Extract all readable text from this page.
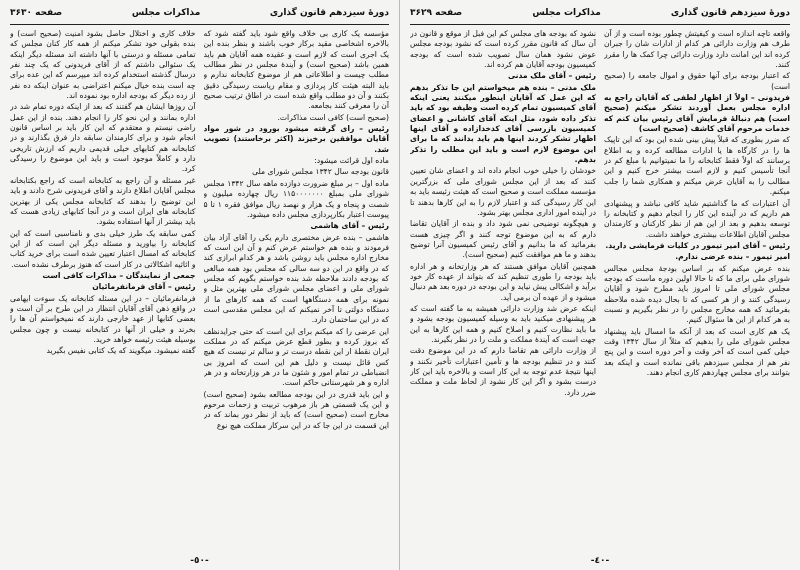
صفحه ۳۶۳۰	مذاکرات مجلس	دورهٔ سیزدهم قانون گذاری

مؤسسه یک کاری بی خلاف واقع شود باید گفته شود که بالاخره اشخاصی مقید برکار خوب باشند و بنظر بنده این یک اجری است که لازم است و عقیده همه آقایان هم باید همین باشد (صحیح است) و آیندهٔ مجلس در نظر مطالب مطلب چیست و اطلاعاتی هم از موضوع کتابخانه ندارم و باید البته هیئت کار پردازی و مقام ریاست رسیدگی دقیق بکنند و آن دو مطلب واقع شده است در اطاق ترتیب صحیح آن را معرفی کنند بجامعه.

(صحیح است) کافی است مذاکرات.

رئیس – رای گرفته میشود بورود در شور مواد آقایان موافقین برخیزند (اکثر برخاستند) تصویب شد.

ماده اول قرائت میشود:

قانون بودجه سال ۱۳۴۲ مجلس شورای ملی

ماده اول – بر مبلغ ضرورت دوازده ماهه سال ۱۳۴۲ مجلس شورای ملی بمبلغ ۱۱۵۰۰۰۰۰۰۰ ریال چهارده میلیون و شصت و پنجاه و یک هزار و نهصد ریال موافق فقره ۱ تا ۵ پیوست اعتبار بکارپردازی مجلس داده میشود.

رئیس – آقای هاشمی

هاشمی – بنده عرض مختصری دارم یکی را آقای آزاد بیان فرمودند و بنده هم خواستم عرض کنم و آن این است که مخارج اداره مجلس باید روشن باشد و هر کدام ابرازی کند که در واقع در این دو سه سالی که مجلس بود همه مبالغی که بودجه دادند ملاحظه شد بنده خواستم بگویم که مجلس شورای ملی و اعضای مجلس شورای ملی بهترین مثل و نمونه برای همه دستگاهها است که همه کارهای ما از دستگاه دولتی تا آخر نمیکنم که این مجلس مقدسی است که در این ساختمان دارد.

این عرضی را که میکنم برای این است که حتی جرایدنظف که بروز کرده و بطور قطع عرض میکنم که در مملکت ایران نقطهٔ ار این نقطه درست تر و سالم تر نیست که هیچ کس قائل نیست و دلیل هم این است که امروز بی انضباطی در تمام امور و شئون ما در هر وزارتخانه و در هر اداره و هر شهرستانی حاکم است.

و این باید قدری در این بودجه مطالعه بشود (صحیح است) و این یک قسمتی هر باز مرهوب تربیت و زحمات مرحوم مخارج است (صحیح است) که باید از نظر دور بماند که در این قسمت در این جا که در این سرکار مملکت هیچ نوع

خلاف کاری و اختلال حاصل بشود امنیت (صحیح است) و بنده بقولی خود تشکر میکنم از همه کار کنان مجلس که تمامی مسئله و درستی با آنها داشته اند مسئله دیگر اینکه یک سئوالی داشتم که از آقای فریدونی که یک چند نفر درسال گذشته استخدام کرده اند میپرسم که این عده برای چه است بنده خیال میکنم اعتراضی به عنوان اینکه ده نفر از رده دیگر که بودجه اداره بود نموده اند.

آن روزها ایشان هم گفتند که بعد از اینکه دوره تمام شد در اداره بمانند و این نحو کار را انجام دهند. بنده از این عمل راضی نیستم و معتقدم که این کار باید بر اساس قانون انجام شود و برای کارمندان سابقه دار فرق بگذارند و در کتابخانه هم کتابهای خیلی قدیمی داریم که ارزش تاریخی دارد و کاملاً موجود است و باید این موضوع را رسیدگی کرد.

غیر مسئله و آن راجع به کتابخانه است که راجع بکتابخانه مجلس آقایان اطلاع دارند و آقای فریدونی شرح دادند و باید این توضیح را بدهند که کتابخانه مجلس یکی از بهترین کتابخانه های ایران است و در آنجا کتابهای زیادی هست که باید بیشتر از آنها استفاده بشود.

کمی سابقه یک طرز خیلی بدی و نامناسبی است که این کتابخانه را بیاورید و مسئله دیگر این است که از این کتابخانه که امسال اعتبار تعیین شده است برای خرید کتاب و اثاثیه اشکالاتی در کار است که هنوز برطرف نشده است.

جمعی از نمایندگان – مذاکرات کافی است

رئیس – آقای فرمانفرمائیان

فرمانفرمائیان – در این مسئله کتابخانه یک سوءت ایهامی در واقع ذهن آقای آقایان انتظار در این طرح بر آن است و بعضی کتابها از عهد خارجی دارند که نمیخواستم آن ها را بخرند و خیلی از آنها در کتابخانه نیست و چون مجلس بوسیله هیئت رئیسه خواهد خرید.

گفته نمیشود. میگویند که یک کتابی نفیس بگیرید

-٥٠-
صفحه ۳۶۲۹	مذاکرات مجلس	دورهٔ سیزدهم قانون گذاری

واقعه تاچه اندازه است و کیفیتش چطور بوده است و از آن طرف هم وزارت دارائی هر کدام از ادارات شان را جبران کرده اند این امانت دارد وزارت دارائی چرا کمک ها را مقرر کنند.

که اعتبار بودجه برای آنها حقوق و اموال جامعه را (صحیح است)

فریدونی – اولاً از اظهار لطفی که آقایان راجع به اداره مجلس بعمل آوردند تشکر میکنم (صحیح است) هم دنبالهٔ فرمایش آقای رئیس بیان کنم که خدمات مرحوم آقای کاشف (صحیح است)

که ضرر بطوری که قبلاً پیش بینی شده این بود که این تاپیک ها را در کارگاه ها یا ادارات مطالعه کرده و به اطلاع برسانند که اولاً فقط کتابخانه را ما نمیتوانیم با مبلغ کم در آنجا تأسیس کنیم و لازم است بیشتر خرج کنیم و این مطالب را به آقایان عرض میکنم و همکاری شما را جلب میکنم.

آن اعتبارات که ما گذاشتیم شاید کافی نباشد و پیشنهادی هم داریم که در آینده این کار را انجام دهیم و کتابخانه را توسعه بدهیم و بعد از این هم از نظر کارکنان و کارمندان مجلس آقایان اطلاعات بیشتری خواهند داشت.

رئیس – آقای امیر تیمور در کلیات فرمایشی دارید.

امیر تیمور – بنده عرضی ندارم.

بنده عرض میکنم که بر اساس بودجهٔ مجلس مجالس شورای ملی برای ما که تا حالا اولین دوره ماست که بودجه مجلس شورای ملی تا امروز باید مطرح شود و آقایان رسیدگی کنند و از هر کسی که تا بحال دیده شده ملاحظه بفرمائید که همه مخارج مجلس را در نظر بگیریم و نسبت به هر کدام از این ها سئوال کنیم.

یک هم کاری است که بعد از آنکه ما امسال باید پیشنهاد مجلس شورای ملی را بدهیم که مثلاً از سال ۱۳۴۲ وقت خیلی کمی است که آخر وقت و آخر دوره است و این پنج نفر هم از مجلس سیزدهم باقی نمانده است و اینکه بعد بتوانند برای مجلس چهاردهم کاری انجام دهند.

نشود که بودجه های مجلس کم این فبل از موقع و قانون در آن سال که قانون مقرر کرده است که نشود بودجه مجلس عوض نشود همان سال تصویب شده است که بودجه کمیسیون بودجه آقایان هم کرده اند.

رئیس – آقای ملک مدنی

ملک مدنی – بنده هم میخواستم این جا تذکر بدهم که این عمل که آقایان اینطور میکنند یعنی اینکه آقای کمیسیون تمام کرده است وظیفه بود که باید تذکر داده شود، مثل اینکه آقای کاشانی و اعضای کمیسیون بازرسی آقای کدخدازاده و آقای اینها اظهار تشکر کردند اینها هم باید بدانند که ما برای این موضوع لازم است و باید این مطلب را تذکر بدهم.

خودشان را خیلی خوب انجام داده اند و اعضای شان تعیین کنند که بعد از این مجلس شورای ملی که بزرگترین مؤسسه مملکت است و صحیح است که هیئت رئیسه باید به این کار رسیدگی کند و اعتبار لازم را به این کارها بدهند تا در آینده امور اداری مجلس بهتر بشود.

و هیچگونه توضیحی نمی شود داد و بنده از آقایان تقاضا دارم که به این موضوع توجه کنند و اگر چیزی هست بفرمائید که ما بدانیم و آقای رئیس کمیسیون آنرا توضیح بدهند و ما هم موافقت کنیم (صحیح است).

همچنین آقایان موافق هستند که هر وزارتخانه و هر اداره باید بودجه را طوری تنظیم کند که بتواند از عهده کار خود برآید و اشکالی پیش نیاید و این بودجه در دوره بعد هم دنبال میشود و از عهده آن برمی آید.

اینکه عرض شد وزارت دارائی همیشه به ما گفته است که هر پیشنهادی میکنید باید به وسیله کمیسیون بودجه بشود و ما باید نظارت کنیم و اصلاح کنیم و همه این کارها به این جهت است که آیندهٔ مملکت و ملت را در نظر بگیرند.

از وزارت دارائی هم تقاضا دارم که در این موضوع دقت کنند و در تنظیم بودجه ها و تأمین اعتبارات تأخیر نکنند و اینها نتیجهٔ عدم توجه به این کار است و بالاخره باید این کار درست بشود و اگر این کار نشود از لحاظ ملت و مملکت ضرر دارد.

-٤٠-
